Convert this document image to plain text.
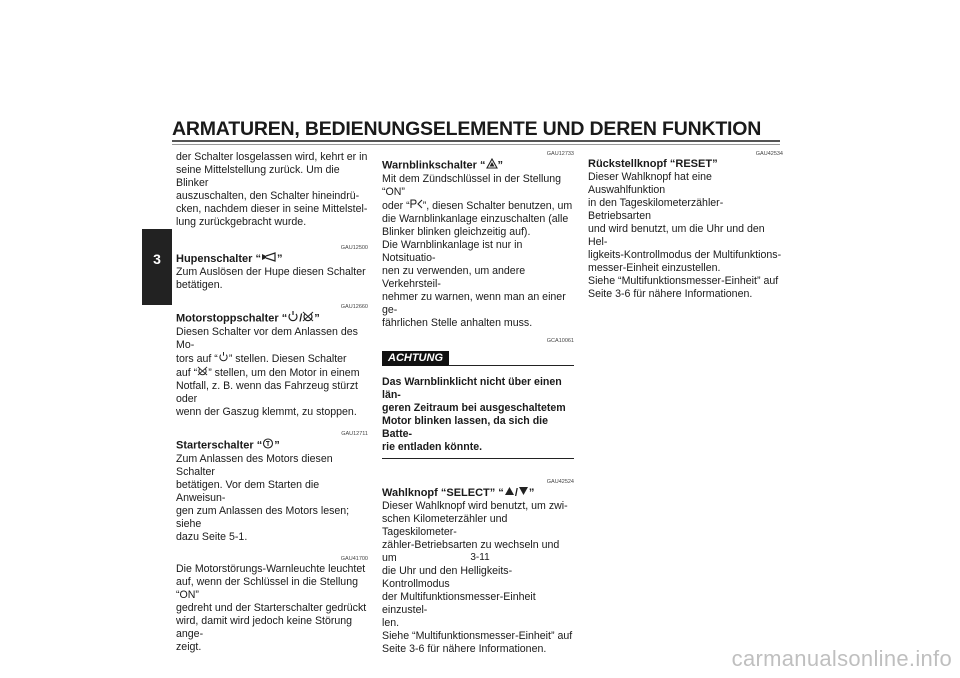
ARMATUREN, BEDIENUNGSELEMENTE UND DEREN FUNKTION
3

der Schalter losgelassen wird, kehrt er in
seine Mittelstellung zurück. Um die Blinker
auszuschalten, den Schalter hineindrü-
cken, nachdem dieser in seine Mittelstel-
lung zurückgebracht wurde.

GAU12500
Hupenschalter “ ”

Zum Auslösen der Hupe diesen Schalter
betätigen.

GAU12660
Motorstoppschalter “ / ”
Diesen Schalter vor dem Anlassen des Mo-
tors auf “ ” stellen. Diesen Schalter
auf “ ” stellen, um den Motor in einem

Notfall, z. B. wenn das Fahrzeug stürzt oder
wenn der Gaszug klemmt, zu stoppen.

GAU12711
Starterschalter “ ”

Zum Anlassen des Motors diesen Schalter
betätigen. Vor dem Starten die Anweisun-
gen zum Anlassen des Motors lesen; siehe
dazu Seite 5-1.

GAU41700

Die Motorstörungs-Warnleuchte leuchtet
auf, wenn der Schlüssel in die Stellung “ON”
gedreht und der Starterschalter gedrückt
wird, damit wird jedoch keine Störung ange-
zeigt.

GAU12733
Warnblinkschalter “ ”
Mit dem Zündschlüssel in der Stellung “ON”
oder “ ”, diesen Schalter benutzen, um

die Warnblinkanlage einzuschalten (alle
Blinker blinken gleichzeitig auf).
Die Warnblinkanlage ist nur in Notsituatio-
nen zu verwenden, um andere Verkehrsteil-
nehmer zu warnen, wenn man an einer ge-
fährlichen Stelle anhalten muss.

GCA10061
ACHTUNG
Das Warnblinklicht nicht über einen län-
geren Zeitraum bei ausgeschaltetem
Motor blinken lassen, da sich die Batte-
rie entladen könnte.
GAU42524
Wahlknopf “SELECT” “ / ”

Dieser Wahlknopf wird benutzt, um zwi-
schen Kilometerzähler und Tageskilometer-
zähler-Betriebsarten zu wechseln und um
die Uhr und den Helligkeits-Kontrollmodus
der Multifunktionsmesser-Einheit einzustel-
len.
Siehe “Multifunktionsmesser-Einheit” auf
Seite 3-6 für nähere Informationen.

GAU42534
Rückstellknopf “RESET”

Dieser Wahlknopf hat eine Auswahlfunktion
in den Tageskilometerzähler-Betriebsarten
und wird benutzt, um die Uhr und den Hel-
ligkeits-Kontrollmodus der Multifunktions-
messer-Einheit einzustellen.
Siehe “Multifunktionsmesser-Einheit” auf
Seite 3-6 für nähere Informationen.

3-11
carmanualsonline.info
